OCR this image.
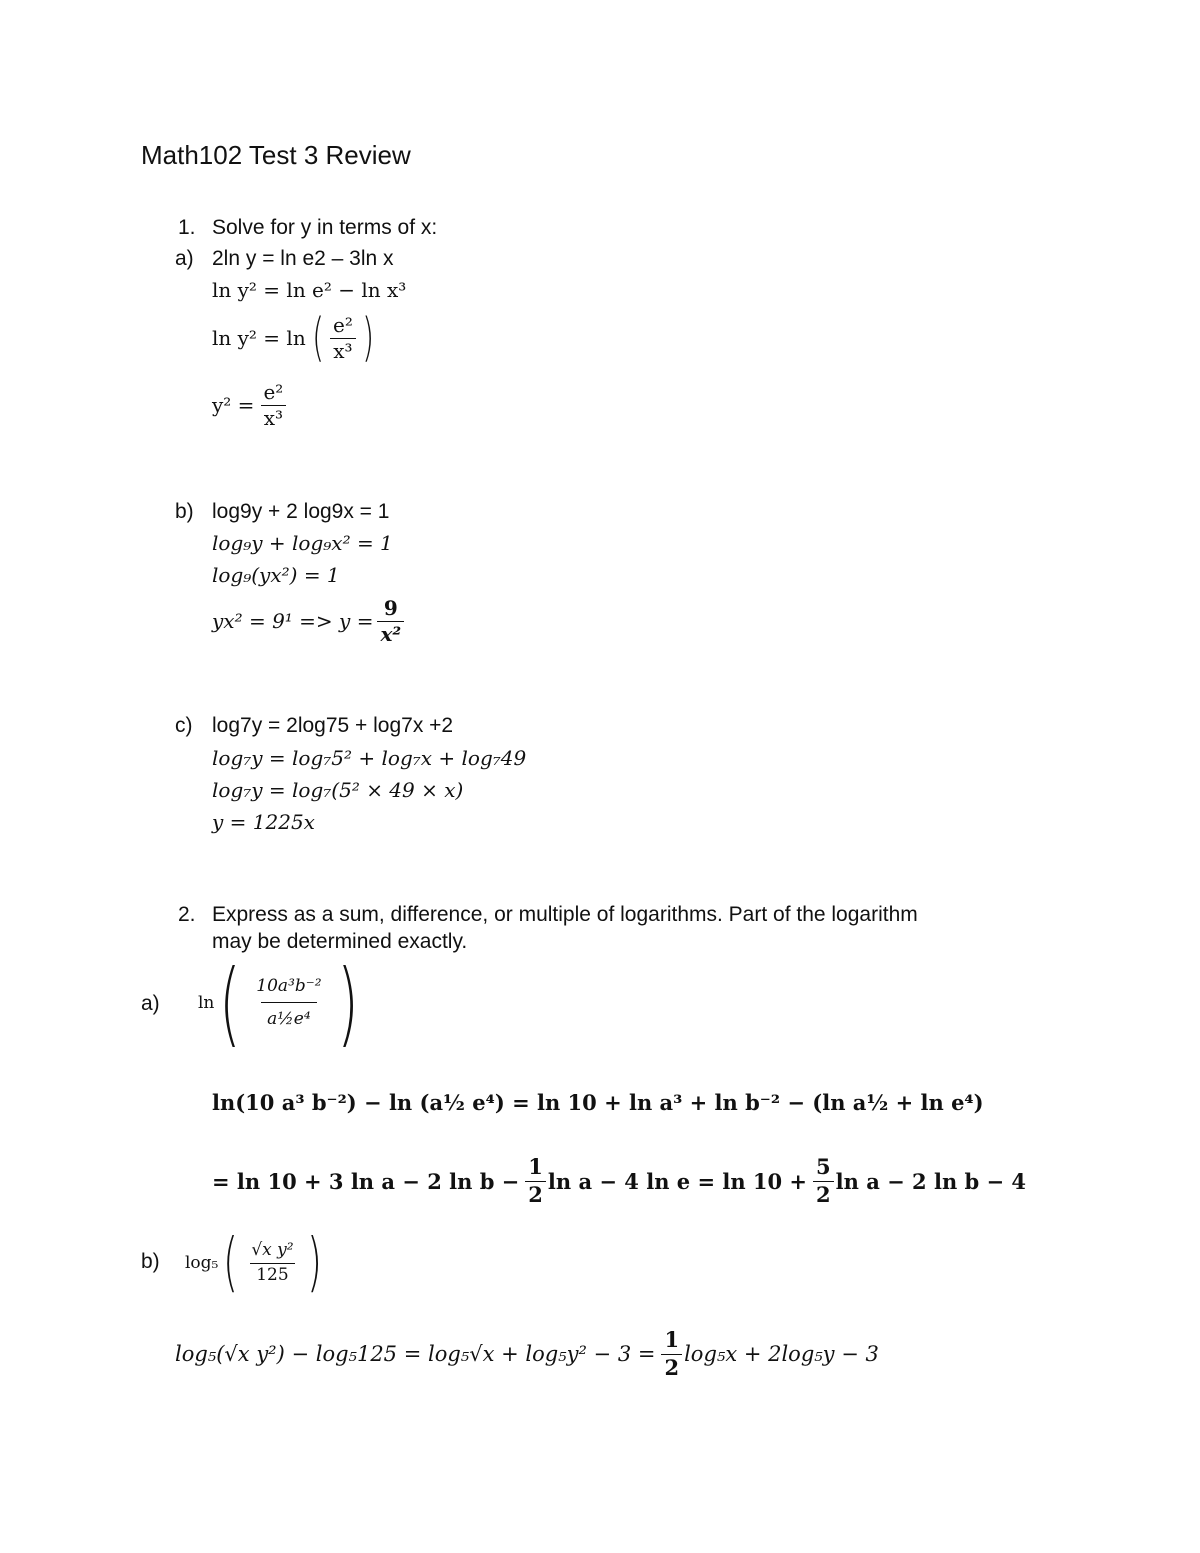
Math102 Test 3 Review
1. Solve for y in terms of x:
a) 2ln y = ln e2 – 3ln x
ln y² = ln e² − ln x³
ln y² = ln ( $\frac{\text{e²}}{\text{x³}}$ )
$y^2 = \frac{\text{e²}}{\text{x³}}$
b) log9y + 2 log9x = 1
log₉y + log₉x² = 1
log₉(yx²) = 1
$yx^2 = 9^1 => y = \frac{9}{\text{x²}}$
c) log7y = 2log75 + log7x +2
log₇y = log₇5² + log₇x + log₇49
log₇y = log₇(5² × 49 × x)
y = 1225x
2. Express as a sum, difference, or multiple of logarithms. Part of the logarithm
may be determined exactly.
a) ln ( $\frac{\text{10a³b⁻²}}{\text{a½e⁴}}$ )
ln(10 a³ b⁻²) − ln (a½ e⁴) = ln 10 + ln a³ + ln b⁻² − (ln a½ + ln e⁴)
= ln 10 + 3 ln a − 2 $\ln b - \frac{1}{2}$ ln a − 4 $\ln e = \ln 10 + \frac{5}{2}$ ln a − 2 ln b − 4
b) log₅ ( $\frac{\text{√x y²}}{125}$ )
log₅(√x $y^2) - \log_5125 = \log_5√x + \log_5y^2 - 3 = \frac{1}{2} \log_5x + 2\log_5y - 3$
